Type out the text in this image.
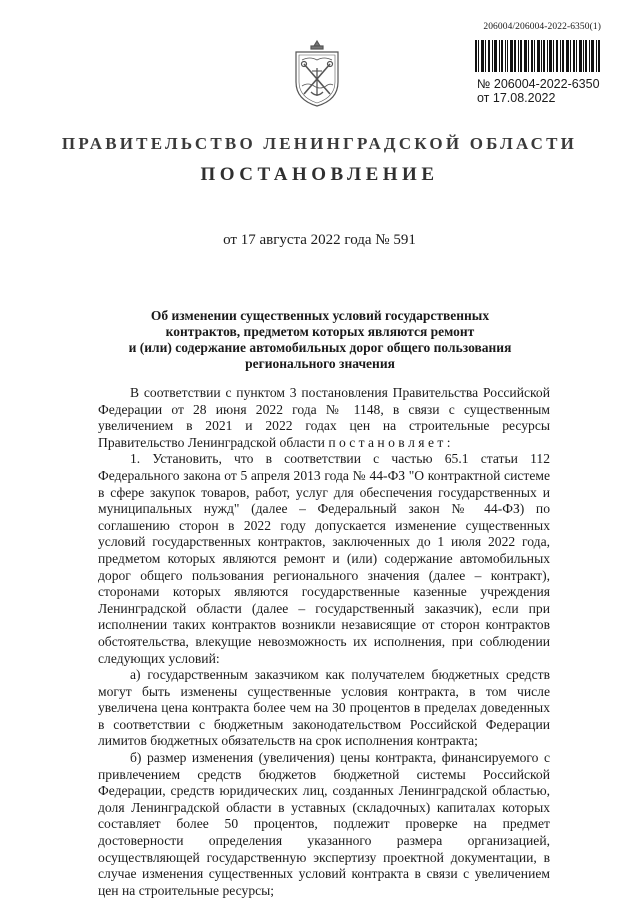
206004/206004-2022-6350(1)
№ 206004-2022-6350
от 17.08.2022
ПРАВИТЕЛЬСТВО ЛЕНИНГРАДСКОЙ ОБЛАСТИ
ПОСТАНОВЛЕНИЕ
от 17 августа 2022 года № 591
Об изменении существенных условий государственных
контрактов, предметом которых являются ремонт
и (или) содержание автомобильных дорог общего пользования
регионального значения

В соответствии с пунктом 3 постановления Правительства Российской Федерации от 28 июня 2022 года № 1148, в связи с существенным увеличением в 2021 и 2022 годах цен на строительные ресурсы Правительство Ленинградской области п о с т а н о в л я е т :

1. Установить, что в соответствии с частью 65.1 статьи 112 Федерального закона от 5 апреля 2013 года № 44-ФЗ "О контрактной системе в сфере закупок товаров, работ, услуг для обеспечения государственных и муниципальных нужд" (далее – Федеральный закон № 44-ФЗ) по соглашению сторон в 2022 году допускается изменение существенных условий государственных контрактов, заключенных до 1 июля 2022 года, предметом которых являются ремонт и (или) содержание автомобильных дорог общего пользования регионального значения (далее – контракт), сторонами которых являются государственные казенные учреждения Ленинградской области (далее – государственный заказчик), если при исполнении таких контрактов возникли независящие от сторон контрактов обстоятельства, влекущие невозможность их исполнения, при соблюдении следующих условий:

а) государственным заказчиком как получателем бюджетных средств могут быть изменены существенные условия контракта, в том числе увеличена цена контракта более чем на 30 процентов в пределах доведенных в соответствии с бюджетным законодательством Российской Федерации лимитов бюджетных обязательств на срок исполнения контракта;

б) размер изменения (увеличения) цены контракта, финансируемого с привлечением средств бюджетов бюджетной системы Российской Федерации, средств юридических лиц, созданных Ленинградской областью, доля Ленинградской области в уставных (складочных) капиталах которых составляет более 50 процентов, подлежит проверке на предмет достоверности определения указанного размера организацией, осуществляющей государственную экспертизу проектной документации, в случае изменения существенных условий контракта в связи с увеличением цен на строительные ресурсы;
